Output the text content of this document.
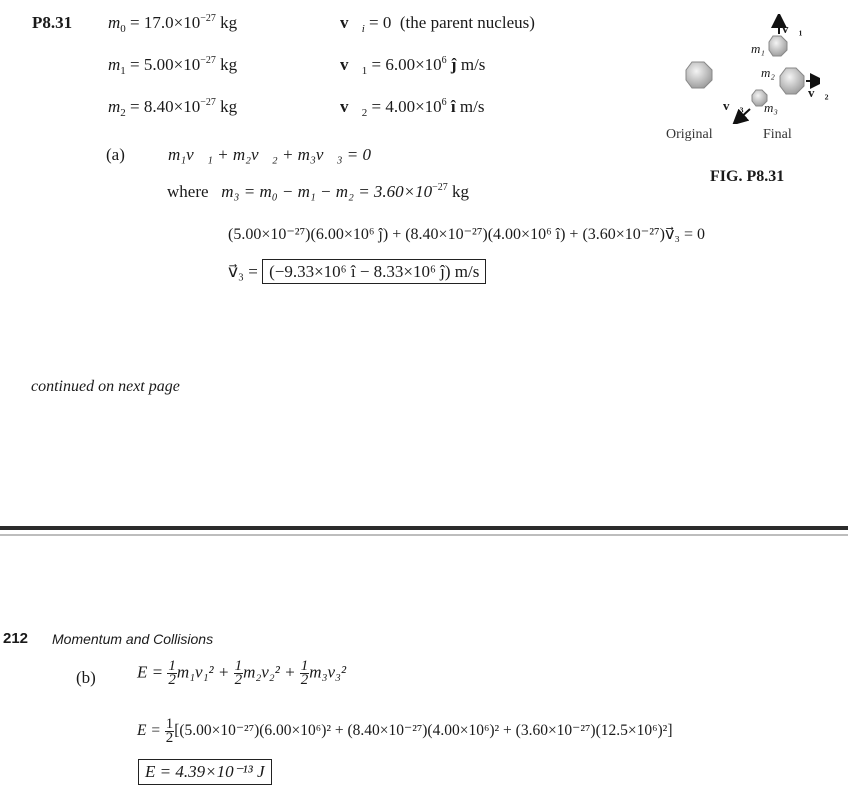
P8.31 $m_0 = 17.0\times 10^{-27}$ kg
$m_1 = 5.00\times 10^{-27}$ kg
$m_2 = 8.40\times 10^{-27}$ kg
$v⃗_i = 0$ (the parent nucleus)
$v⃗_1 = 6.00\times 10^6$ ĵ m/s
$v⃗_2 = 4.00\times 10^6$ î m/s
(a)	m₁v⃗₁ + m₂v⃗₂ + m₃v⃗₃ = 0
where $m_3 = m_0 - m_1 - m_2 = 3.60\times 10^{-27}$ kg
(5.00×10⁻²⁷)(6.00×10⁶ ĵ) + (8.40×10⁻²⁷)(4.00×10⁶ î) + (3.60×10⁻²⁷)v⃗₃ = 0
v⃗₃ = (−9.33×10⁶ î − 8.33×10⁶ ĵ) m/s
continued on next page
v⃗₁
m₁
m₂
v⃗₂
v⃗₃ m₃
Original	Final
FIG. P8.31
212 Momentum and Collisions
(b) $E = \frac{1}{2} m_1v_1^2 + \frac{1}{2} m_2v_2^2 + \frac{1}{2} m_3v_3^2$
$E = \frac{1}{2} [(5.00\times 10^{-27})(6.00\times 10^6)^2 + (8.40\times 10^{-27})(4.00\times 10^6)^2 + (3.60\times 10^{-27})(12.5\times 10^6)^2]$
E = 4.39×10⁻¹³ J
